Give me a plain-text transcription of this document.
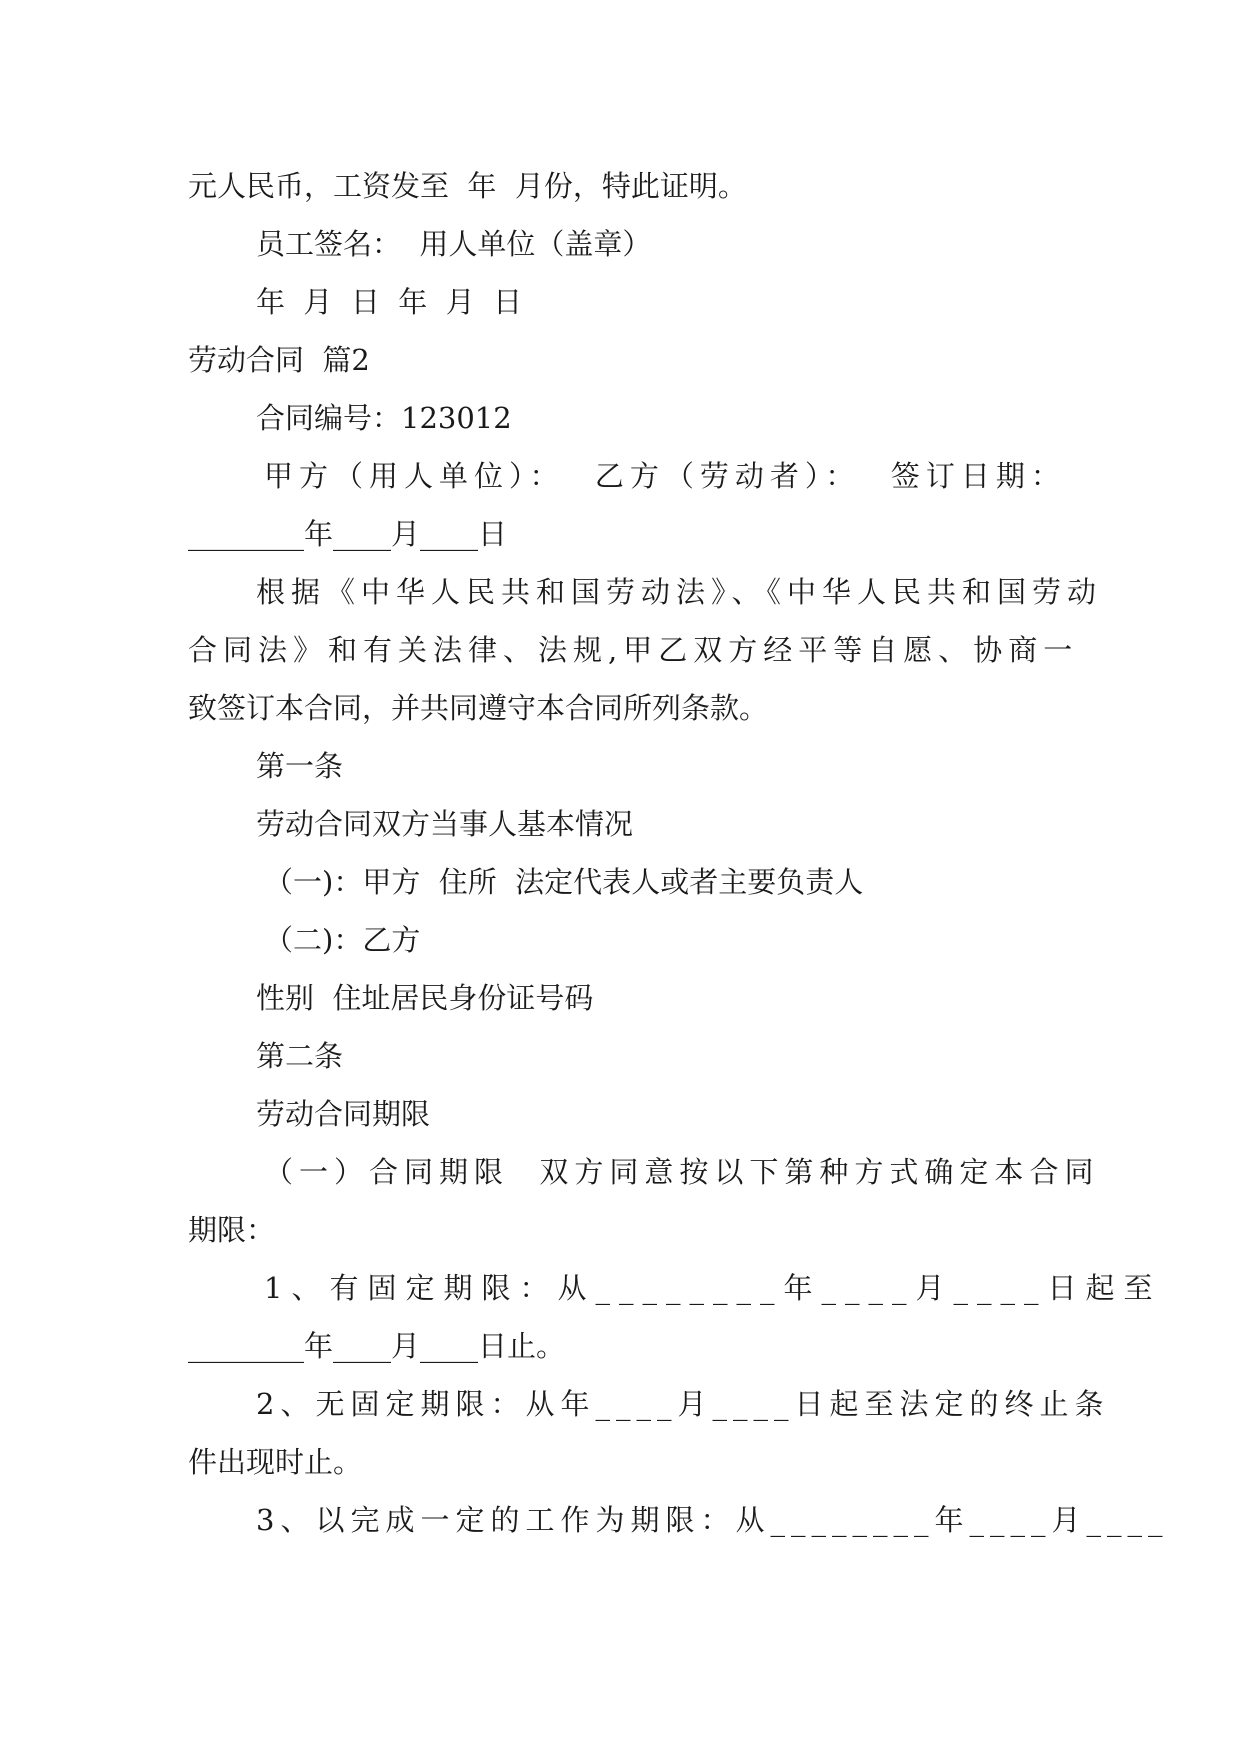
元人民币，工资发至  年  月份，特此证明。

员工签名：  用人单位（盖章）

年  月  日  年  月  日

劳动合同  篇2

合同编号：123012

甲方（用人单位）：  乙方（劳动者）：  签订日期：

________年____月____日

根据《中华人民共和国劳动法》、《中华人民共和国劳动

合同法》和有关法律、法规,甲乙双方经平等自愿、协商一

致签订本合同，并共同遵守本合同所列条款。

第一条

劳动合同双方当事人基本情况

（一)：甲方  住所  法定代表人或者主要负责人

（二)：乙方

性别  住址居民身份证号码

第二条

劳动合同期限

（一）合同期限  双方同意按以下第种方式确定本合同

期限：

1、有固定期限：从________年____月____日起至

________年____月____日止。

2、无固定期限：从年____月____日起至法定的终止条

件出现时止。

3、以完成一定的工作为期限：从________年____月____
